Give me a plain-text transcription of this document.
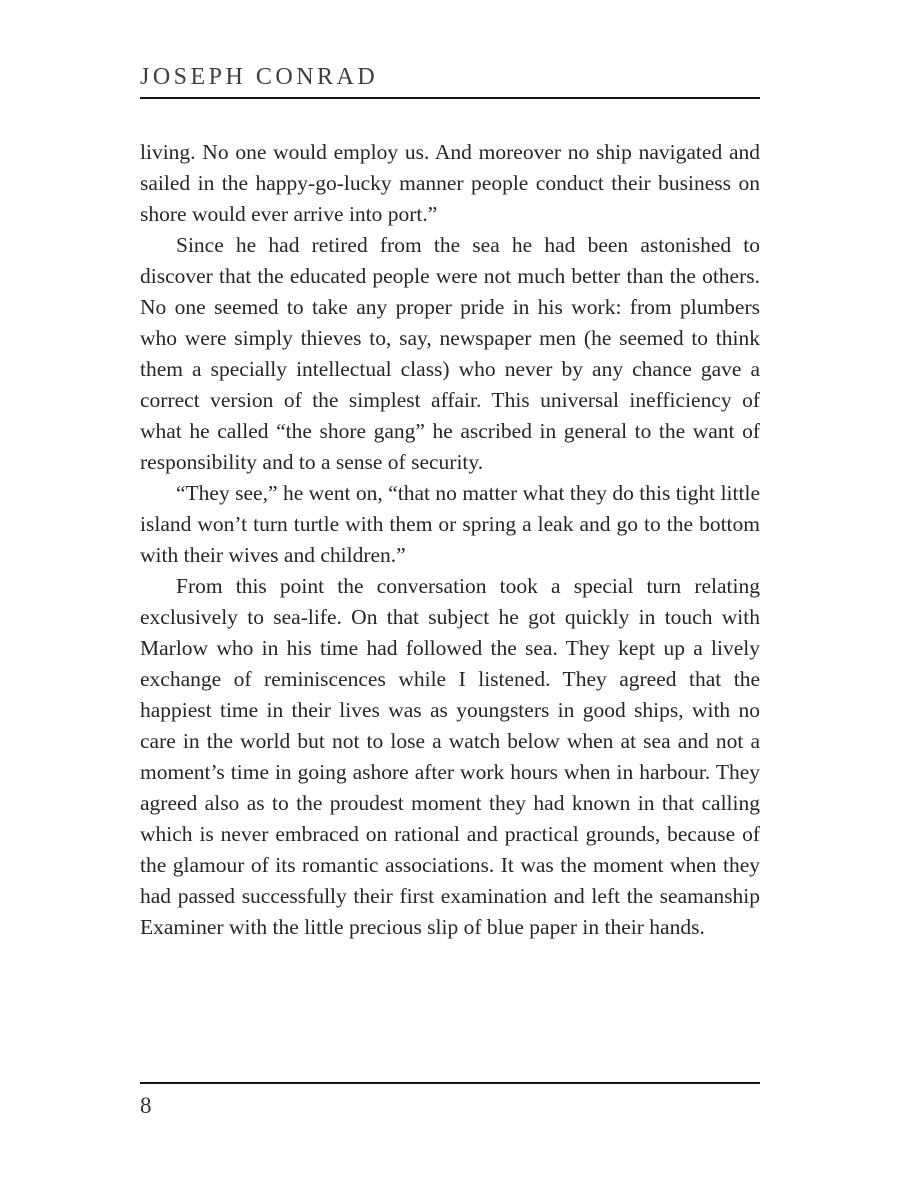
JOSEPH CONRAD

living. No one would employ us. And moreover no ship navigated and sailed in the happy-go-lucky manner people conduct their business on shore would ever arrive into port.”

Since he had retired from the sea he had been astonished to discover that the educated people were not much better than the others. No one seemed to take any proper pride in his work: from plumbers who were simply thieves to, say, newspaper men (he seemed to think them a specially intellectual class) who never by any chance gave a correct version of the simplest affair. This universal inefficiency of what he called “the shore gang” he ascribed in general to the want of responsibility and to a sense of security.

“They see,” he went on, “that no matter what they do this tight little island won’t turn turtle with them or spring a leak and go to the bottom with their wives and children.”

From this point the conversation took a special turn relating exclusively to sea-life. On that subject he got quickly in touch with Marlow who in his time had followed the sea. They kept up a lively exchange of reminiscences while I listened. They agreed that the happiest time in their lives was as youngsters in good ships, with no care in the world but not to lose a watch below when at sea and not a moment’s time in going ashore after work hours when in harbour. They agreed also as to the proudest moment they had known in that calling which is never embraced on rational and practical grounds, because of the glamour of its romantic associations. It was the moment when they had passed successfully their first examination and left the seamanship Examiner with the little precious slip of blue paper in their hands.

8
